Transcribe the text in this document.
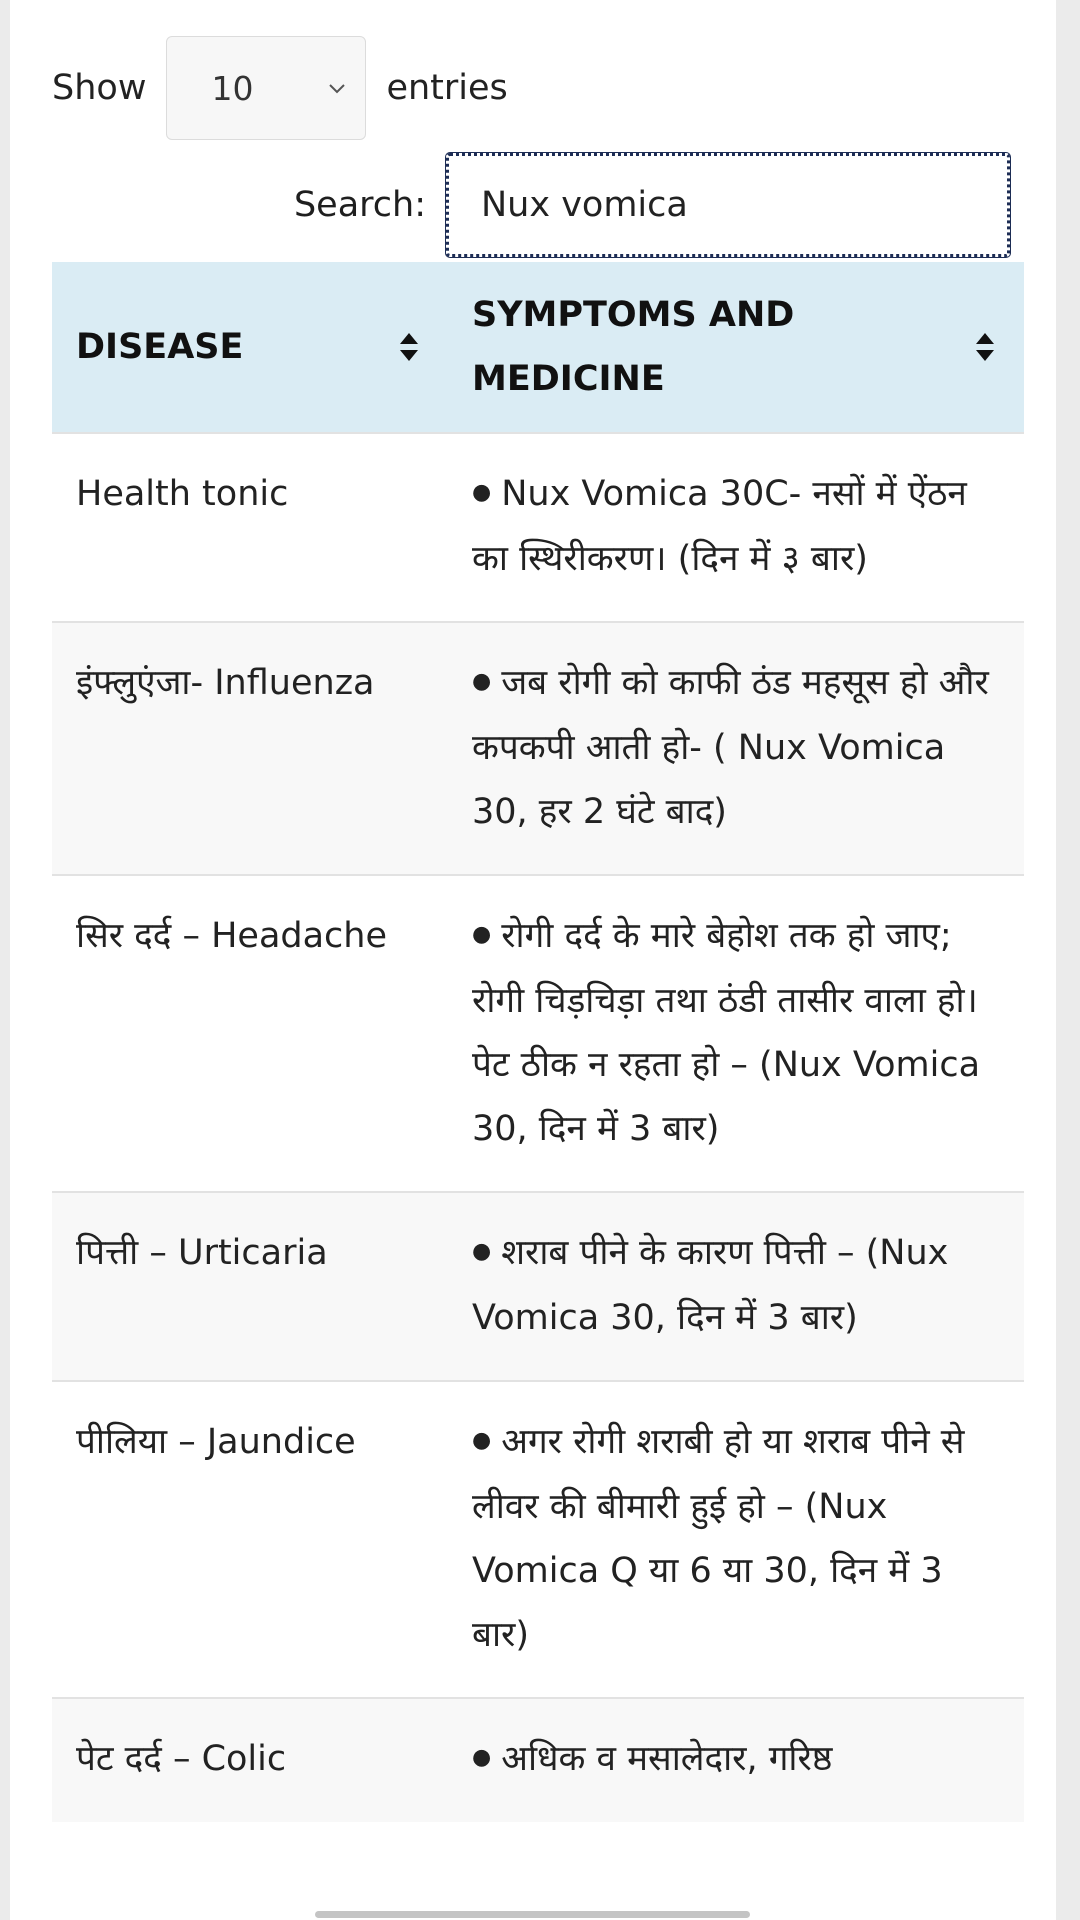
Show 10	entries
Search:
Nux vomica
DISEASE	SYMPTOMS AND MEDICINE

Health tonic	● Nux Vomica 30C- नसों में ऐंठन का स्थिरीकरण। (दिन में ३ बार)
इंफ्लुएंजा- Influenza	● जब रोगी को काफी ठंड महसूस हो और कपकपी आती हो- ( Nux Vomica 30, हर 2 घंटे बाद)
सिर दर्द – Headache	● रोगी दर्द के मारे बेहोश तक हो जाए; रोगी चिड़चिड़ा तथा ठंडी तासीर वाला हो। पेट ठीक न रहता हो – (Nux Vomica 30, दिन में 3 बार)
पित्ती – Urticaria	● शराब पीने के कारण पित्ती – (Nux Vomica 30, दिन में 3 बार)
पीलिया – Jaundice	● अगर रोगी शराबी हो या शराब पीने से लीवर की बीमारी हुई हो – (Nux Vomica Q या 6 या 30, दिन में 3 बार)
पेट दर्द – Colic	● अधिक व मसालेदार, गरिष्ठ
